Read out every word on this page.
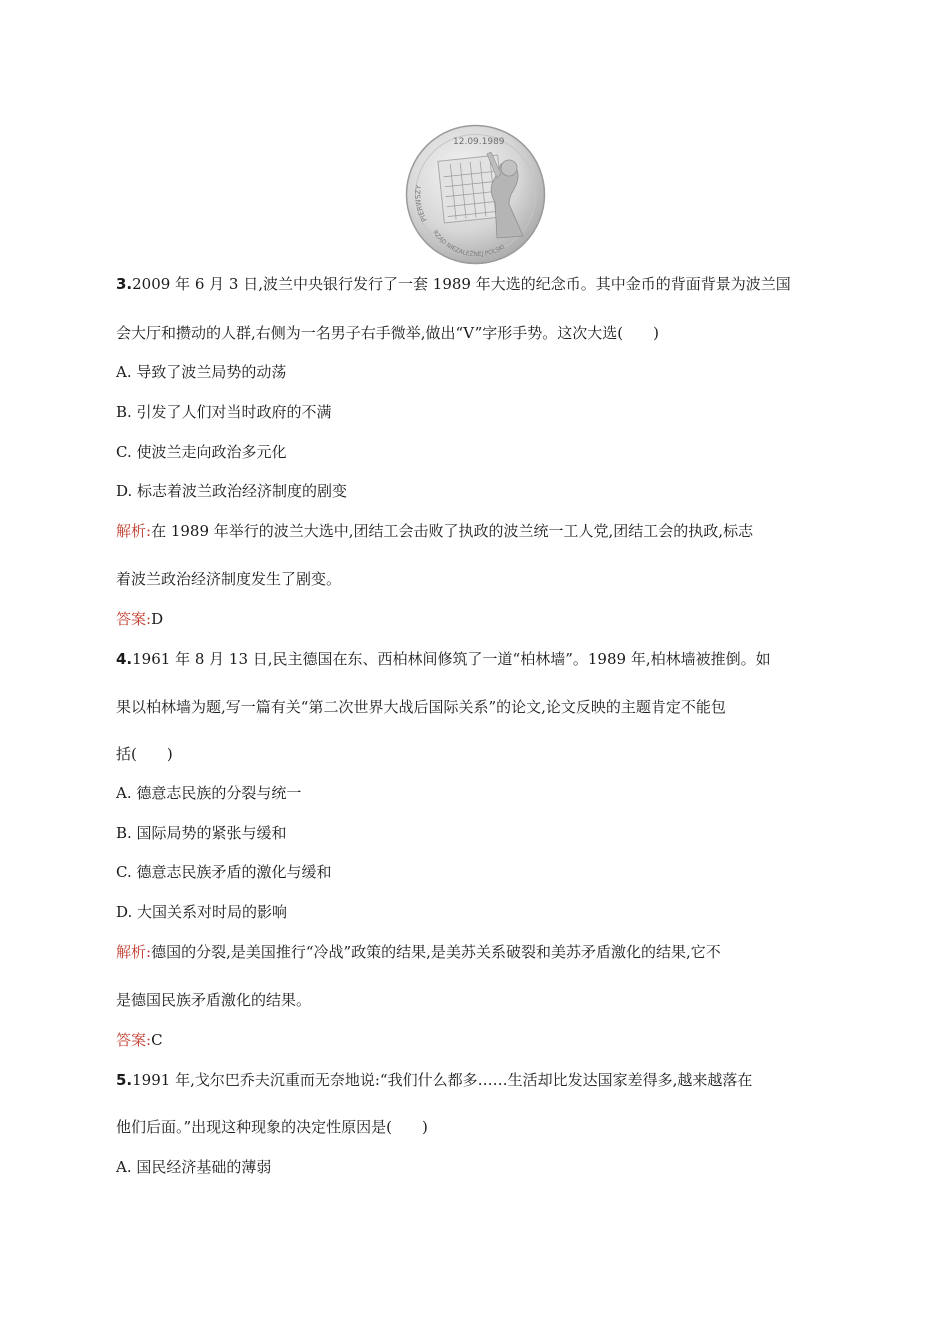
12.09.1989
PIERWSZY
RZĄD NIEZALEŻNEJ POLSKI
3.2009 年 6 月 3 日,波兰中央银行发行了一套 1989 年大选的纪念币。其中金币的背面背景为波兰国
会大厅和攒动的人群,右侧为一名男子右手微举,做出“V”字形手势。这次大选(　　)
A. 导致了波兰局势的动荡
B. 引发了人们对当时政府的不满
C. 使波兰走向政治多元化
D. 标志着波兰政治经济制度的剧变
解析:在 1989 年举行的波兰大选中,团结工会击败了执政的波兰统一工人党,团结工会的执政,标志
着波兰政治经济制度发生了剧变。
答案:D
4.1961 年 8 月 13 日,民主德国在东、西柏林间修筑了一道“柏林墙”。1989 年,柏林墙被推倒。如
果以柏林墙为题,写一篇有关“第二次世界大战后国际关系”的论文,论文反映的主题肯定不能包
括(　　)
A. 德意志民族的分裂与统一
B. 国际局势的紧张与缓和
C. 德意志民族矛盾的激化与缓和
D. 大国关系对时局的影响
解析:德国的分裂,是美国推行“冷战”政策的结果,是美苏关系破裂和美苏矛盾激化的结果,它不
是德国民族矛盾激化的结果。
答案:C
5.1991 年,戈尔巴乔夫沉重而无奈地说:“我们什么都多……生活却比发达国家差得多,越来越落在
他们后面。”出现这种现象的决定性原因是(　　)
A. 国民经济基础的薄弱
